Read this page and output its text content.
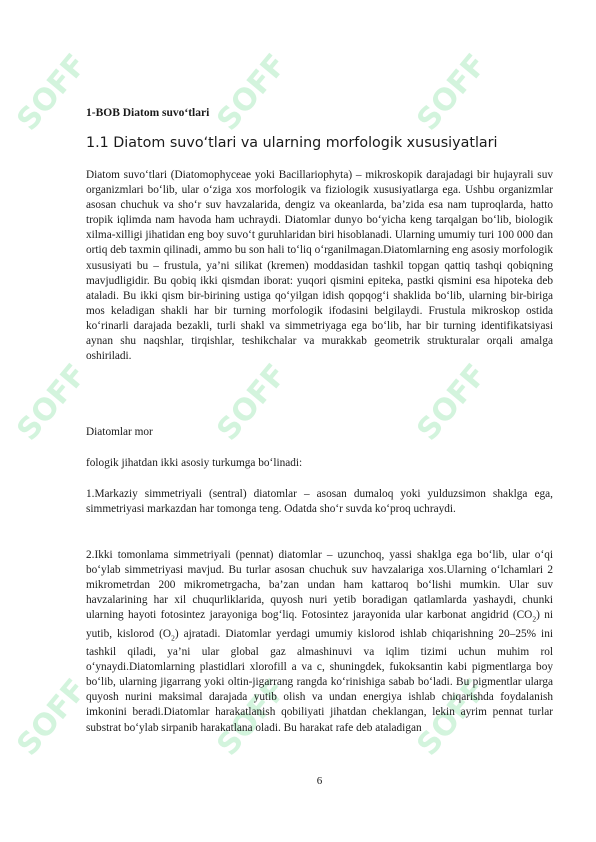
SOFF	SOFF	SOFF
SOFF	SOFF	SOFF
SOFF	SOFF	SOFF
1-BOB Diatom suvo‘tlari
1.1 Diatom suvo‘tlari va ularning morfologik xususiyatlari

Diatom suvo‘tlari (Diatomophyceae yoki Bacillariophyta) – mikroskopik darajadagi bir hujayrali suv organizmlari bo‘lib, ular o‘ziga xos morfologik va fiziologik xususiyatlarga ega. Ushbu organizmlar asosan chuchuk va sho‘r suv havzalarida, dengiz va okeanlarda, ba’zida esa nam tuproqlarda, hatto tropik iqlimda nam havoda ham uchraydi. Diatomlar dunyo bo‘yicha keng tarqalgan bo‘lib, biologik xilma-xilligi jihatidan eng boy suvo‘t guruhlaridan biri hisoblanadi. Ularning umumiy turi 100 000 dan ortiq deb taxmin qilinadi, ammo bu son hali to‘liq o‘rganilmagan.Diatomlarning eng asosiy morfologik xususiyati bu – frustula, ya’ni silikat (kremen) moddasidan tashkil topgan qattiq tashqi qobiqning mavjudligidir. Bu qobiq ikki qismdan iborat: yuqori qismini epiteka, pastki qismini esa hipoteka deb ataladi. Bu ikki qism bir-birining ustiga qo‘yilgan idish qopqog‘i shaklida bo‘lib, ularning bir-biriga mos keladigan shakli har bir turning morfologik ifodasini belgilaydi. Frustula mikroskop ostida ko‘rinarli darajada bezakli, turli shakl va simmetriyaga ega bo‘lib, har bir turning identifikatsiyasi aynan shu naqshlar, tirqishlar, teshikchalar va murakkab geometrik strukturalar orqali amalga oshiriladi.

Diatomlar mor

fologik jihatdan ikki asosiy turkumga bo‘linadi:

1.Markaziy simmetriyali (sentral) diatomlar – asosan dumaloq yoki yulduzsimon shaklga ega, simmetriyasi markazdan har tomonga teng. Odatda sho‘r suvda ko‘proq uchraydi.

2.Ikki tomonlama simmetriyali (pennat) diatomlar – uzunchoq, yassi shaklga ega bo‘lib, ular o‘qi bo‘ylab simmetriyasi mavjud. Bu turlar asosan chuchuk suv havzalariga xos.Ularning o‘lchamlari 2 mikrometrdan 200 mikrometrgacha, ba’zan undan ham kattaroq bo‘lishi mumkin. Ular suv havzalarining har xil chuqurliklarida, quyosh nuri yetib boradigan qatlamlarda yashaydi, chunki ularning hayoti fotosintez jarayoniga bog‘liq. Fotosintez jarayonida ular karbonat angidrid $(CO_2)$ ni yutib, kislorod $(O_2)$ ajratadi. Diatomlar yerdagi umumiy kislorod ishlab chiqarishning 20–25% ini tashkil qiladi, ya’ni ular global gaz almashinuvi va iqlim tizimi uchun muhim rol o‘ynaydi.Diatomlarning plastidlari xlorofill a va c, shuningdek, fukoksantin kabi pigmentlarga boy bo‘lib, ularning jigarrang yoki oltin-jigarrang rangda ko‘rinishiga sabab bo‘ladi. Bu pigmentlar ularga quyosh nurini maksimal darajada yutib olish va undan energiya ishlab chiqarishda foydalanish imkonini beradi.Diatomlar harakatlanish qobiliyati jihatdan cheklangan, lekin ayrim pennat turlar substrat bo‘ylab sirpanib harakatlana oladi. Bu harakat rafe deb ataladigan

6
